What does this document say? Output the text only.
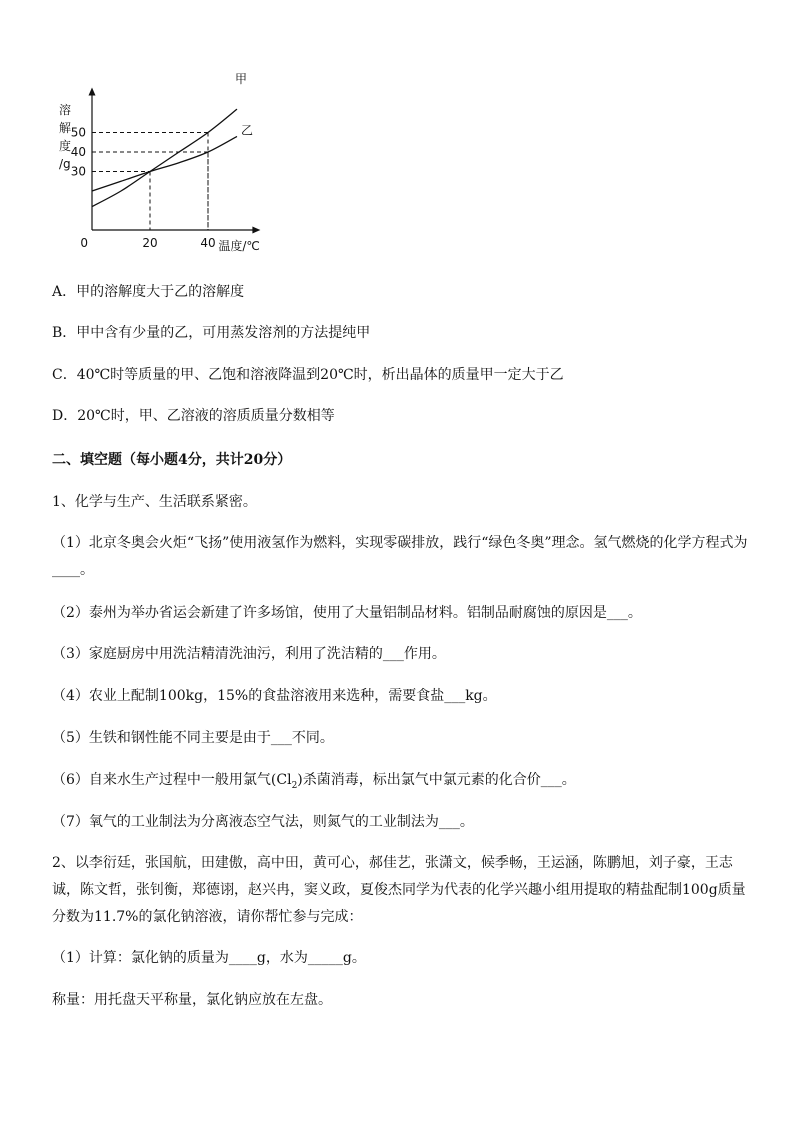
甲
乙
30
40
50
20	40
0
溶
解
度
/g
温度/℃
A．甲的溶解度大于乙的溶解度
B．甲中含有少量的乙，可用蒸发溶剂的方法提纯甲
C．40℃时等质量的甲、乙饱和溶液降温到20℃时，析出晶体的质量甲一定大于乙
D．20℃时，甲、乙溶液的溶质质量分数相等
二、填空题（每小题4分，共计20分）
1、化学与生产、生活联系紧密。
（1）北京冬奥会火炬“飞扬”使用液氢作为燃料，实现零碳排放，践行“绿色冬奥”理念。氢气燃烧的化学方程式为____。
（2）泰州为举办省运会新建了许多场馆，使用了大量铝制品材料。铝制品耐腐蚀的原因是___。
（3）家庭厨房中用洗洁精清洗油污，利用了洗洁精的___作用。
（4）农业上配制100kg，15%的食盐溶液用来选种，需要食盐___kg。
（5）生铁和钢性能不同主要是由于___不同。
（6）自来水生产过程中一般用氯气$(Cl_2)$杀菌消毒，标出氯气中氯元素的化合价___。
（7）氧气的工业制法为分离液态空气法，则氮气的工业制法为___。
2、以李衍廷，张国航，田建傲，高中田，黄可心，郝佳艺，张潇文，候季畅，王运涵，陈鹏旭，刘子豪，王志诚，陈文哲，张钊衡，郑德诩，赵兴冉，窦义政，夏俊杰同学为代表的化学兴趣小组用提取的精盐配制100g质量分数为11.7%的氯化钠溶液，请你帮忙参与完成：
（1）计算：氯化钠的质量为____g，水为_____g。
称量：用托盘天平称量，氯化钠应放在左盘。
